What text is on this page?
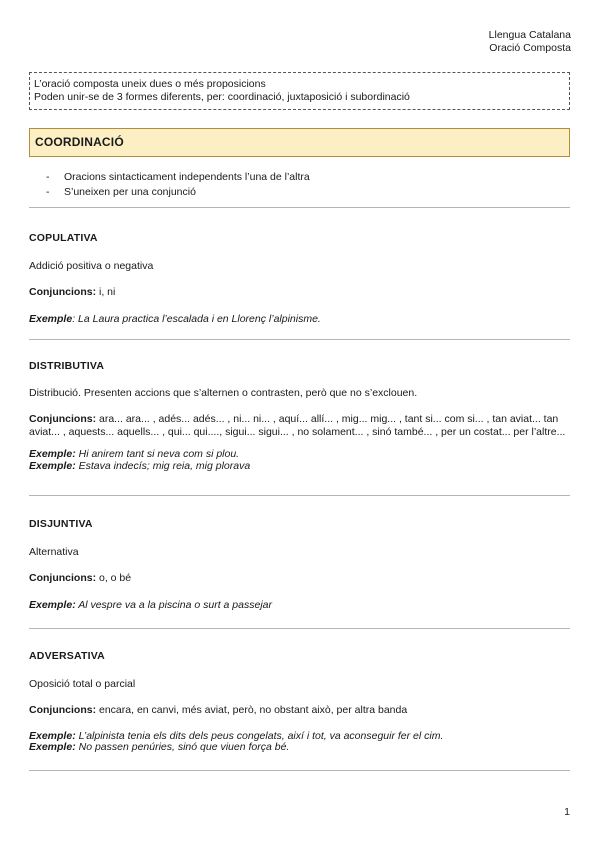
Llengua Catalana
Oració Composta
L’oració composta uneix dues o més proposicions
Poden unir-se de 3 formes diferents, per: coordinació, juxtaposició i subordinació
COORDINACIÓ
- Oracions sintacticament independents l’una de l’altra
- S’uneixen per una conjunció

COPULATIVA

Addició positiva o negativa

Conjuncions: i, ni

Exemple: La Laura practica l’escalada i en Llorenç l’alpinisme.

DISTRIBUTIVA

Distribució. Presenten accions que s’alternen o contrasten, però que no s’exclouen.

Conjuncions: ara... ara... , adés... adés... , ni... ni... , aquí... allí... , mig... mig... , tant si... com si... , tan aviat... tan aviat... , aquests... aquells... , qui... qui...., sigui... sigui... , no solament... , sinó també... , per un costat... per l’altre...

Exemple: Hi anirem tant si neva com si plou.

Exemple: Estava indecís; mig reia, mig plorava

DISJUNTIVA

Alternativa

Conjuncions: o, o bé

Exemple: Al vespre va a la piscina o surt a passejar

ADVERSATIVA

Oposició total o parcial

Conjuncions: encara, en canvi, més aviat, però, no obstant això, per altra banda

Exemple: L’alpinista tenia els dits dels peus congelats, així i tot, va aconseguir fer el cim.

Exemple: No passen penúries, sinó que viuen força bé.

1
